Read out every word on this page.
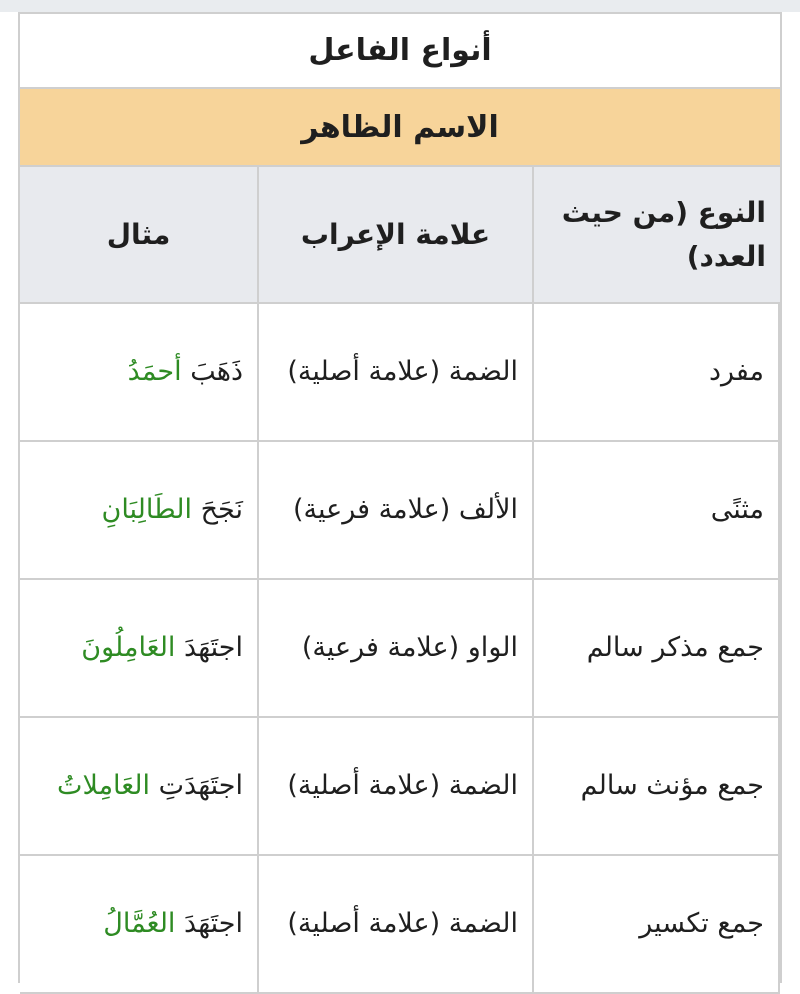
أنواع الفاعل
الاسم الظاهر
النوع (من حيث العدد)
علامة الإعراب
مثال
مفرد
الضمة (علامة أصلية)
ذَهَبَ أحمَدُ
مثنًى
الألف (علامة فرعية)
نَجَحَ الطَالِبَانِ
جمع مذكر سالم
الواو (علامة فرعية)
اجتَهَدَ العَامِلُونَ
جمع مؤنث سالم
الضمة (علامة أصلية)
اجتَهَدَتِ العَامِلاتُ
جمع تكسير
الضمة (علامة أصلية)
اجتَهَدَ العُمَّالُ
